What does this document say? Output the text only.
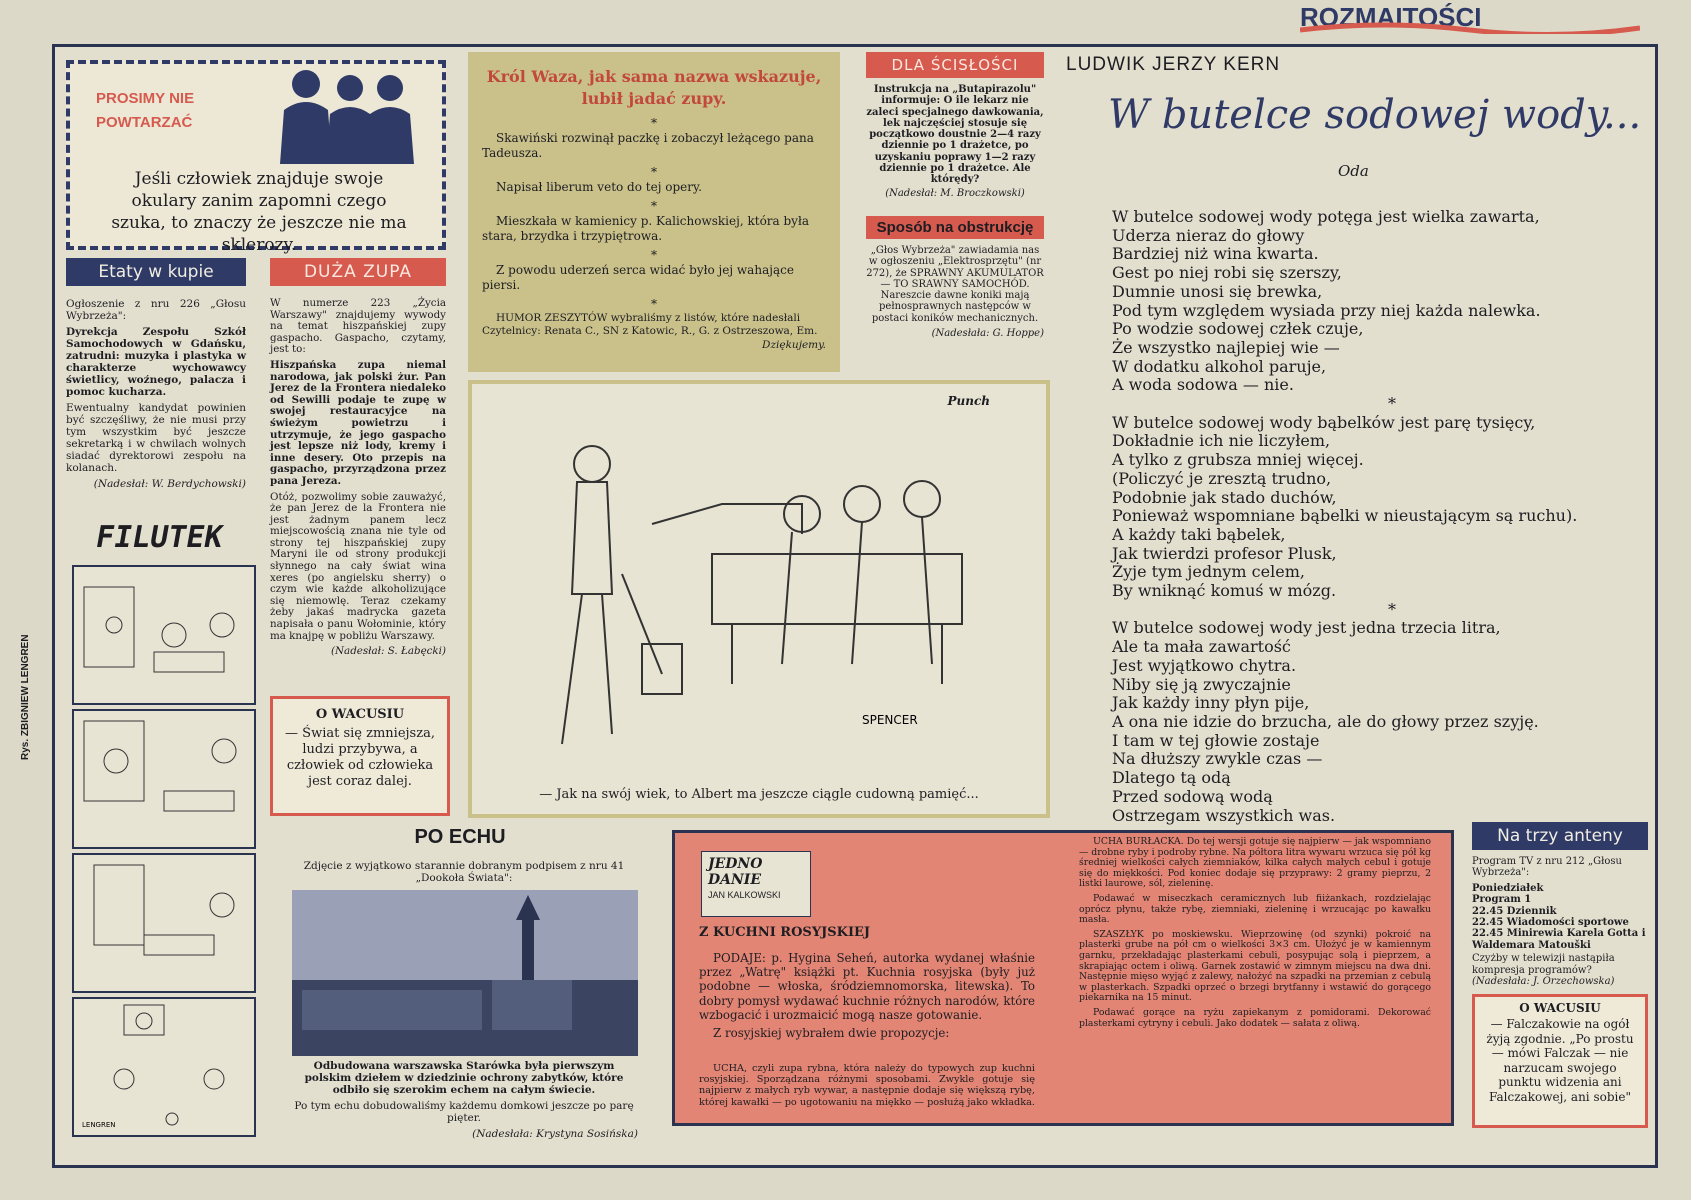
ROZMAITOŚCI
Rys. ZBIGNIEW LENGREN
PROSIMY NIE
POWTARZAĆ
Jeśli człowiek znajduje swoje okulary zanim zapomni czego szuka, to znaczy że jeszcze nie ma sklerozy.
Etaty w kupie

Ogłoszenie z nru 226 „Głosu Wybrzeża":

Dyrekcja Zespołu Szkół Samochodowych w Gdańsku, zatrudni: muzyka i plastyka w charakterze wychowawcy świetlicy, woźnego, palacza i pomoc kucharza.

Ewentualny kandydat powinien być szczęśliwy, że nie musi przy tym wszystkim być jeszcze sekretarką i w chwilach wolnych siadać dyrektorowi zespołu na kolanach.

(Nadesłał: W. Berdychowski)

FILUTEK
LENGREN
DUŻA ZUPA

W numerze 223 „Życia Warszawy" znajdujemy wywody na temat hiszpańskiej zupy gaspacho. Gaspacho, czytamy, jest to:

Hiszpańska zupa niemal narodowa, jak polski żur. Pan Jerez de la Frontera niedaleko od Sewilli podaje te zupę w swojej restauracyjce na świeżym powietrzu i utrzymuje, że jego gaspacho jest lepsze niż lody, kremy i inne desery. Oto przepis na gaspacho, przyrządzona przez pana Jereza.

Otóż, pozwolimy sobie zauważyć, że pan Jerez de la Frontera nie jest żadnym panem lecz miejscowością znana nie tyle od strony tej hiszpańskiej zupy Maryni ile od strony produkcji słynnego na cały świat wina xeres (po angielsku sherry) o czym wie każde alkoholizujące się niemowlę. Teraz czekamy żeby jakaś madrycka gazeta napisała o panu Wołominie, który ma knajpę w pobliżu Warszawy.

(Nadesłał: S. Łabęcki)

O WACUSIU
— Świat się zmniejsza, ludzi przybywa, a człowiek od człowieka jest coraz dalej.
Król Waza, jak sama nazwa wskazuje, lubił jadać zupy.
*

Skawiński rozwinął paczkę i zobaczył leżącego pana Tadeusza.

*

Napisał liberum veto do tej opery.

*

Mieszkała w kamienicy p. Kalichowskiej, która była stara, brzydka i trzypiętrowa.

*

Z powodu uderzeń serca widać było jej wahające piersi.

*

HUMOR ZESZYTÓW wybraliśmy z listów, które nadesłali Czytelnicy: Renata C., SN z Katowic, R., G. z Ostrzeszowa, Em.

Dziękujemy.
DLA ŚCISŁOŚCI

Instrukcja na „Butapirazolu" informuje: O ile lekarz nie zaleci specjalnego dawkowania, lek najczęściej stosuje się początkowo doustnie 2—4 razy dziennie po 1 drażetce, po uzyskaniu poprawy 1—2 razy dziennie po 1 drażetce. Ale którędy?

(Nadesłał: M. Broczkowski)

Sposób na obstrukcję

„Głos Wybrzeża" zawiadamia nas w ogłoszeniu „Elektrosprzętu" (nr 272), że SPRAWNY AKUMULATOR — TO SRAWNY SAMOCHÓD. Nareszcie dawne koniki mają pełnosprawnych następców w postaci koników mechanicznych.

(Nadesłała: G. Hoppe)

Punch
SPENCER
— Jak na swój wiek, to Albert ma jeszcze ciągle cudowną pamięć...
LUDWIK JERZY KERN
W butelce sodowej wody...
Oda

W butelce sodowej wody potęga jest wielka zawarta,

Uderza nieraz do głowy

Bardziej niż wina kwarta.

Gest po niej robi się szerszy,

Dumnie unosi się brewka,

Pod tym względem wysiada przy niej każda nalewka.

Po wodzie sodowej człek czuje,

Że wszystko najlepiej wie —

W dodatku alkohol paruje,

A woda sodowa — nie.

*

W butelce sodowej wody bąbelków jest parę tysięcy,

Dokładnie ich nie liczyłem,

A tylko z grubsza mniej więcej.

(Policzyć je zresztą trudno,

Podobnie jak stado duchów,

Ponieważ wspomniane bąbelki w nieustającym są ruchu).

A każdy taki bąbelek,

Jak twierdzi profesor Plusk,

Żyje tym jednym celem,

By wniknąć komuś w mózg.

*

W butelce sodowej wody jest jedna trzecia litra,

Ale ta mała zawartość

Jest wyjątkowo chytra.

Niby się ją zwyczajnie

Jak każdy inny płyn pije,

A ona nie idzie do brzucha, ale do głowy przez szyję.

I tam w tej głowie zostaje

Na dłuższy zwykle czas —

Dlatego tą odą

Przed sodową wodą

Ostrzegam wszystkich was.

PO ECHU
Zdjęcie z wyjątkowo starannie dobranym podpisem z nru 41 „Dookoła Świata":

Odbudowana warszawska Starówka była pierwszym polskim dziełem w dziedzinie ochrony zabytków, które odbiło się szerokim echem na całym świecie.

Po tym echu dobudowaliśmy każdemu domkowi jeszcze po parę pięter.

(Nadesłała: Krystyna Sosińska)

JEDNO
DANIE
JAN KALKOWSKI
Z KUCHNI ROSYJSKIEJ

PODAJE: p. Hygina Seheń, autorka wydanej właśnie przez „Watrę" książki pt. Kuchnia rosyjska (były już podobne — włoska, śródziemnomorska, litewska). To dobry pomysł wydawać kuchnie różnych narodów, które wzbogacić i urozmaicić mogą nasze gotowanie.

Z rosyjskiej wybrałem dwie propozycje:

UCHA, czyli zupa rybna, która należy do typowych zup kuchni rosyjskiej. Sporządzana różnymi sposobami. Zwykle gotuje się najpierw z małych ryb wywar, a następnie dodaje się większą rybę, której kawałki — po ugotowaniu na miękko — posłużą jako wkładka.

UCHA BURŁACKA. Do tej wersji gotuje się najpierw — jak wspomniano — drobne ryby i podroby rybne. Na półtora litra wywaru wrzuca się pół kg średniej wielkości całych ziemniaków, kilka całych małych cebul i gotuje się do miękkości. Pod koniec dodaje się przyprawy: 2 gramy pieprzu, 2 listki laurowe, sól, zieleninę.

Podawać w miseczkach ceramicznych lub fiiżankach, rozdzielając oprócz płynu, także rybę, ziemniaki, zieleninę i wrzucając po kawałku masła.

SZASZŁYK po moskiewsku. Wieprzowinę (od szynki) pokroić na plasterki grube na pół cm o wielkości 3×3 cm. Ułożyć je w kamiennym garnku, przekładając plasterkami cebuli, posypując solą i pieprzem, a skrapiając octem i oliwą. Garnek zostawić w zimnym miejscu na dwa dni. Następnie mięso wyjąć z zalewy, nałożyć na szpadki na przemian z cebulą w plasterkach. Szpadki oprzeć o brzegi brytfanny i wstawić do gorącego piekarnika na 15 minut.

Podawać gorące na ryżu zapiekanym z pomidorami. Dekorować plasterkami cytryny i cebuli. Jako dodatek — sałata z oliwą.

Na trzy anteny

Program TV z nru 212 „Głosu Wybrzeża":

Poniedziałek
Program 1
22.45 Dziennik
22.45 Wiadomości sportowe
22.45 Minirewia Karela Gotta i Waldemara Matouški

Czyżby w telewizji nastąpiła kompresja programów?

(Nadesłała: J. Orzechowska)

O WACUSIU
— Falczakowie na ogół żyją zgodnie. „Po prostu — mówi Falczak — nie narzucam swojego punktu widzenia ani Falczakowej, ani sobie"
